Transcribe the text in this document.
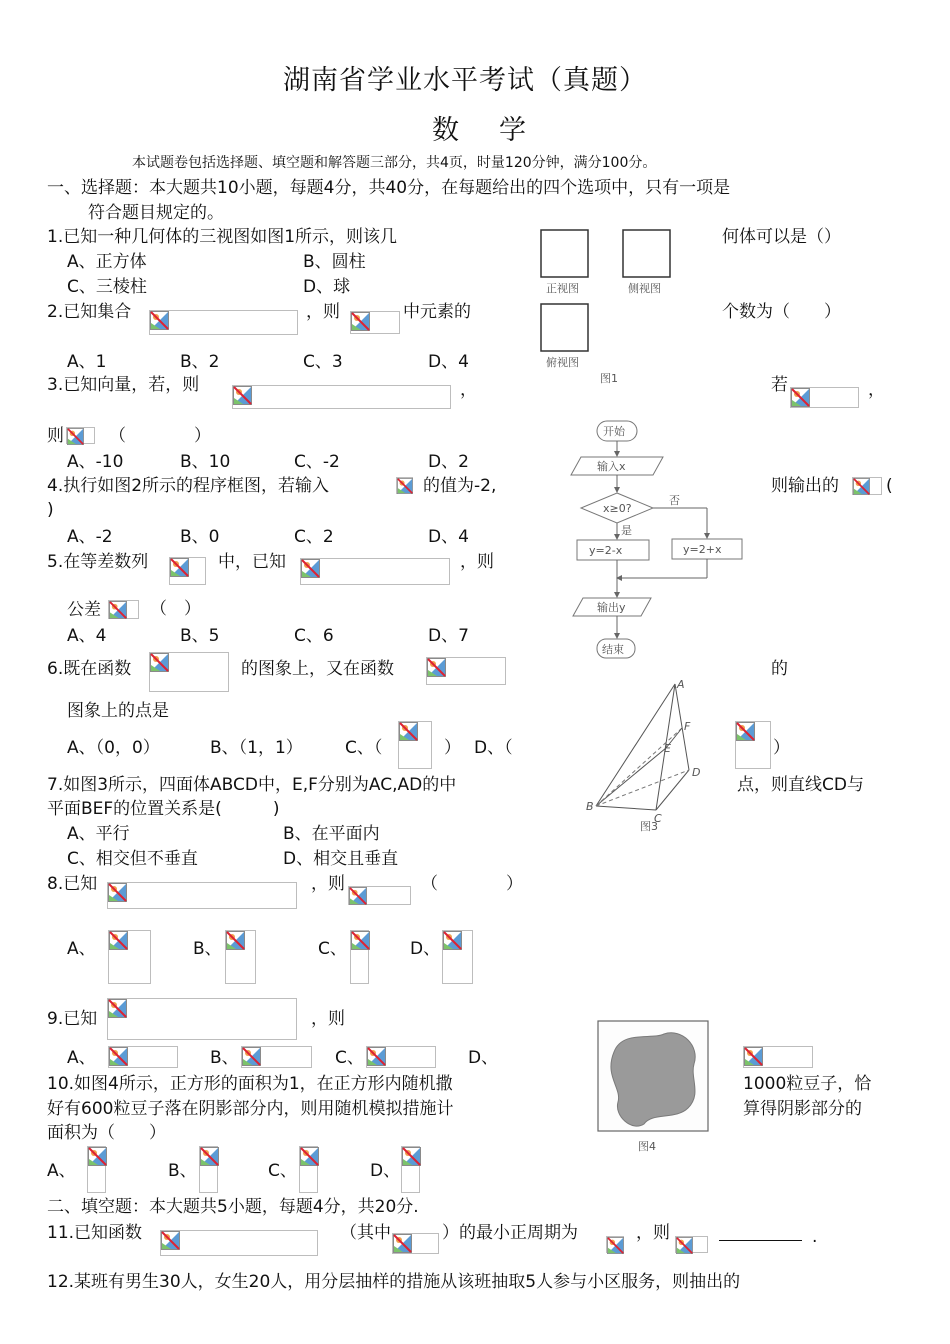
湖南省学业水平考试（真题）
数学
本试题卷包括选择题、填空题和解答题三部分，共4页，时量120分钟，满分100分。
一、选择题：本大题共10小题，每题4分，共40分，在每题给出的四个选项中，只有一项是
符合题目规定的。
1.已知一种几何体的三视图如图1所示，则该几	何体可以是（）
A、正方体	B、圆柱
C、三棱柱	D、球
2.已知集合	，则	中元素的	个数为（　　）
A、1	B、2	C、3	D、4
正视图	侧视图
俯视图
图1
3.已知向量，若，则	，	若	，
则	（　　　　）
A、-10	B、10	C、-2	D、2
开始
输入x
x≥0?
否
是
y=2-x	y=2+x
输出y
结束
4.执行如图2所示的程序框图，若输入	的值为-2,	则输出的	(
)
A、-2	B、0	C、2	D、4
5.在等差数列	中，已知	，则
公差	（　）
A、4	B、5	C、6	D、7
6.既在函数	的图象上，又在函数	的
图象上的点是
A、（0，0）	B、（1，1） C、（	） D、（	）
A
B
C
D
E
F
图3
7.如图3所示，四面体ABCD中，E,F分别为AC,AD的中	点，则直线CD与
平面BEF的位置关系是(　　　)
A、平行	B、在平面内
C、相交但不垂直	D、相交且垂直
8.已知	，则	（　　　　）
A、	B、	C、	D、
9.已知	，则
A、	B、	C、	D、
图4
10.如图4所示，正方形的面积为1，在正方形内随机撒	1000粒豆子，恰
好有600粒豆子落在阴影部分内，则用随机模拟措施计	算得阴影部分的
面积为（　　）
A、	B、	C、	D、
二、填空题：本大题共5小题，每题4分，共20分.
11.已知函数	（其中	）的最小正周期为	，则	.
12.某班有男生30人，女生20人，用分层抽样的措施从该班抽取5人参与小区服务，则抽出的
